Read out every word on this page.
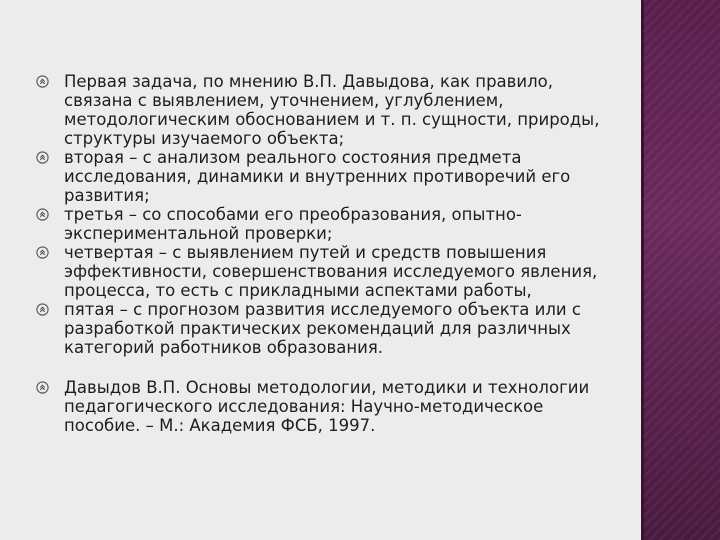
Первая задача, по мнению В.П. Давыдова, как правило, связана с выявлением, уточнением, углублением, методологическим обоснованием и т. п. сущности, природы, структуры изучаемого объекта;
вторая – с анализом реального состояния предмета исследования, динамики и внутренних противоречий его развития;
третья – со способами его преобразования, опытно-экспериментальной проверки;
четвертая – с выявлением путей и средств повышения эффективности, совершенствования исследуемого явления, процесса, то есть с прикладными аспектами работы,
пятая – с прогнозом развития исследуемого объекта или с разработкой практических рекомендаций для различных категорий работников образования.
Давыдов В.П. Основы методологии, методики и технологии педагогического исследования: Научно-методическое пособие. – М.: Академия ФСБ, 1997.
